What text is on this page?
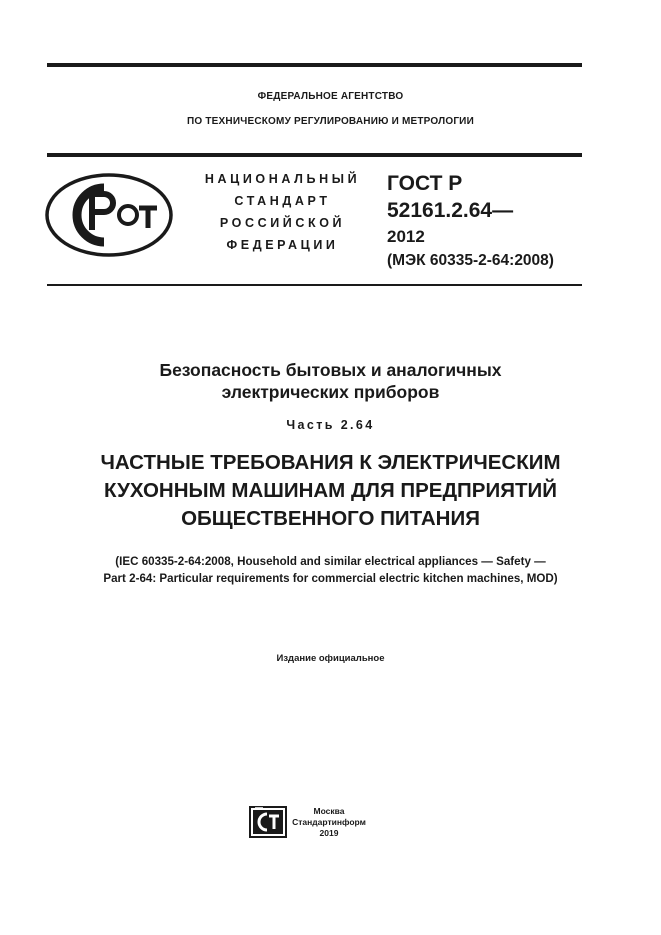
ФЕДЕРАЛЬНОЕ АГЕНТСТВО
ПО ТЕХНИЧЕСКОМУ РЕГУЛИРОВАНИЮ И МЕТРОЛОГИИ
НАЦИОНАЛЬНЫЙ
СТАНДАРТ
РОССИЙСКОЙ
ФЕДЕРАЦИИ
ГОСТ Р
52161.2.64—
2012
(МЭК 60335-2-64:2008)
Безопасность бытовых и аналогичных
электрических приборов
Часть 2.64
ЧАСТНЫЕ ТРЕБОВАНИЯ К ЭЛЕКТРИЧЕСКИМ
КУХОННЫМ МАШИНАМ ДЛЯ ПРЕДПРИЯТИЙ
ОБЩЕСТВЕННОГО ПИТАНИЯ
(IEC 60335-2-64:2008, Household and similar electrical appliances — Safety —
Part 2-64: Particular requirements for commercial electric kitchen machines, MOD)
Издание официальное
Москва
Стандартинформ
2019
